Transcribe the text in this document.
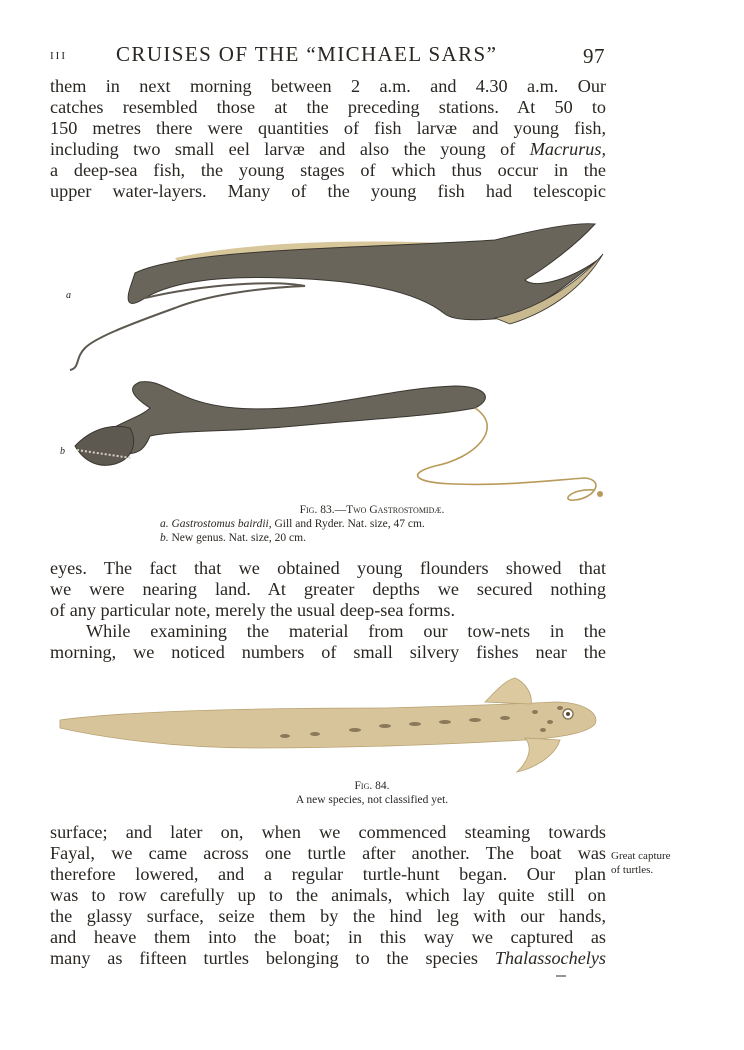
III CRUISES OF THE “MICHAEL SARS”	97
them in next morning between 2 a.m. and 4.30 a.m. Our
catches resembled those at the preceding stations. At 50 to
150 metres there were quantities of fish larvæ and young fish,
including two small eel larvæ and also the young of Macrurus,
a deep-sea fish, the young stages of which thus occur in the
upper water-layers. Many of the young fish had telescopic
a
b
Fig. 83.—Two Gastrostomidæ.
a. Gastrostomus bairdii, Gill and Ryder. Nat. size, 47 cm.
b. New genus. Nat. size, 20 cm.
eyes. The fact that we obtained young flounders showed that
we were nearing land. At greater depths we secured nothing
of any particular note, merely the usual deep-sea forms.
While examining the material from our tow-nets in the
morning, we noticed numbers of small silvery fishes near the
Fig. 84.
A new species, not classified yet.
surface; and later on, when we commenced steaming towards
Fayal, we came across one turtle after another. The boat was
therefore lowered, and a regular turtle-hunt began. Our plan
was to row carefully up to the animals, which lay quite still on
the glassy surface, seize them by the hind leg with our hands,
and heave them into the boat; in this way we captured as
many as fifteen turtles belonging to the species Thalassochelys
Great capture
of turtles.
